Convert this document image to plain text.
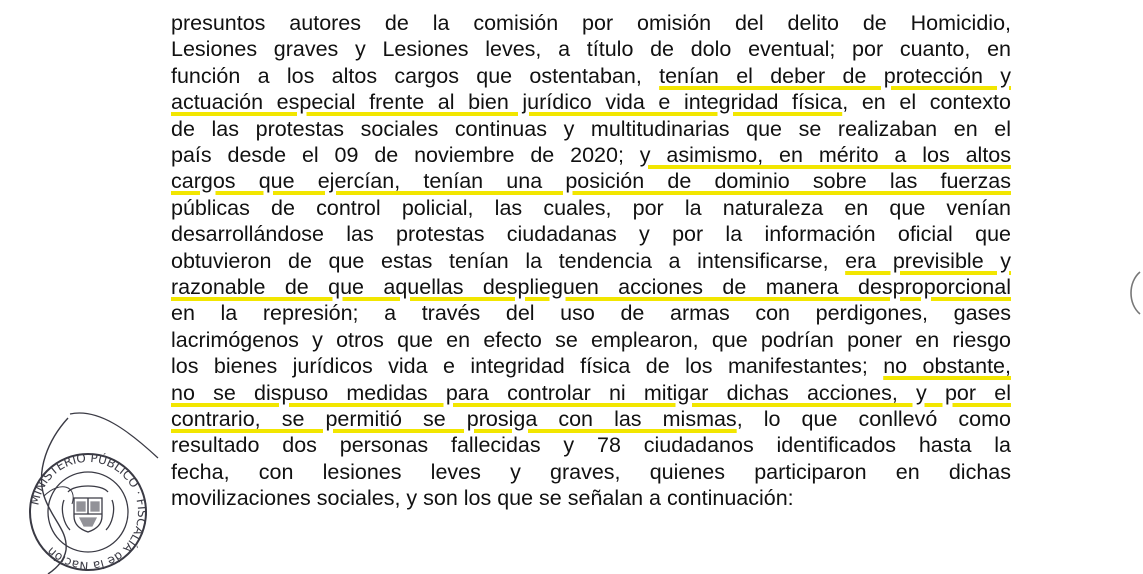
presuntos autores de la comisión por omisión del delito de Homicidio,
Lesiones graves y Lesiones leves, a título de dolo eventual; por cuanto, en
función a los altos cargos que ostentaban, tenían el deber de protección y
actuación especial frente al bien jurídico vida e integridad física, en el contexto
de las protestas sociales continuas y multitudinarias que se realizaban en el
país desde el 09 de noviembre de 2020; y asimismo, en mérito a los altos
cargos que ejercían, tenían una posición de dominio sobre las fuerzas
públicas de control policial, las cuales, por la naturaleza en que venían
desarrollándose las protestas ciudadanas y por la información oficial que
obtuvieron de que estas tenían la tendencia a intensificarse, era previsible y
razonable de que aquellas desplieguen acciones de manera desproporcional
en la represión; a través del uso de armas con perdigones, gases
lacrimógenos y otros que en efecto se emplearon, que podrían poner en riesgo
los bienes jurídicos vida e integridad física de los manifestantes; no obstante,
no se dispuso medidas para controlar ni mitigar dichas acciones, y por el
contrario, se permitió se prosiga con las mismas, lo que conllevó como
resultado dos personas fallecidas y 78 ciudadanos identificados hasta la
fecha, con lesiones leves y graves, quienes participaron en dichas
movilizaciones sociales, y son los que se señalan a continuación:
MINISTERIO PÚBLICO · FISCALÍA de la Nación
